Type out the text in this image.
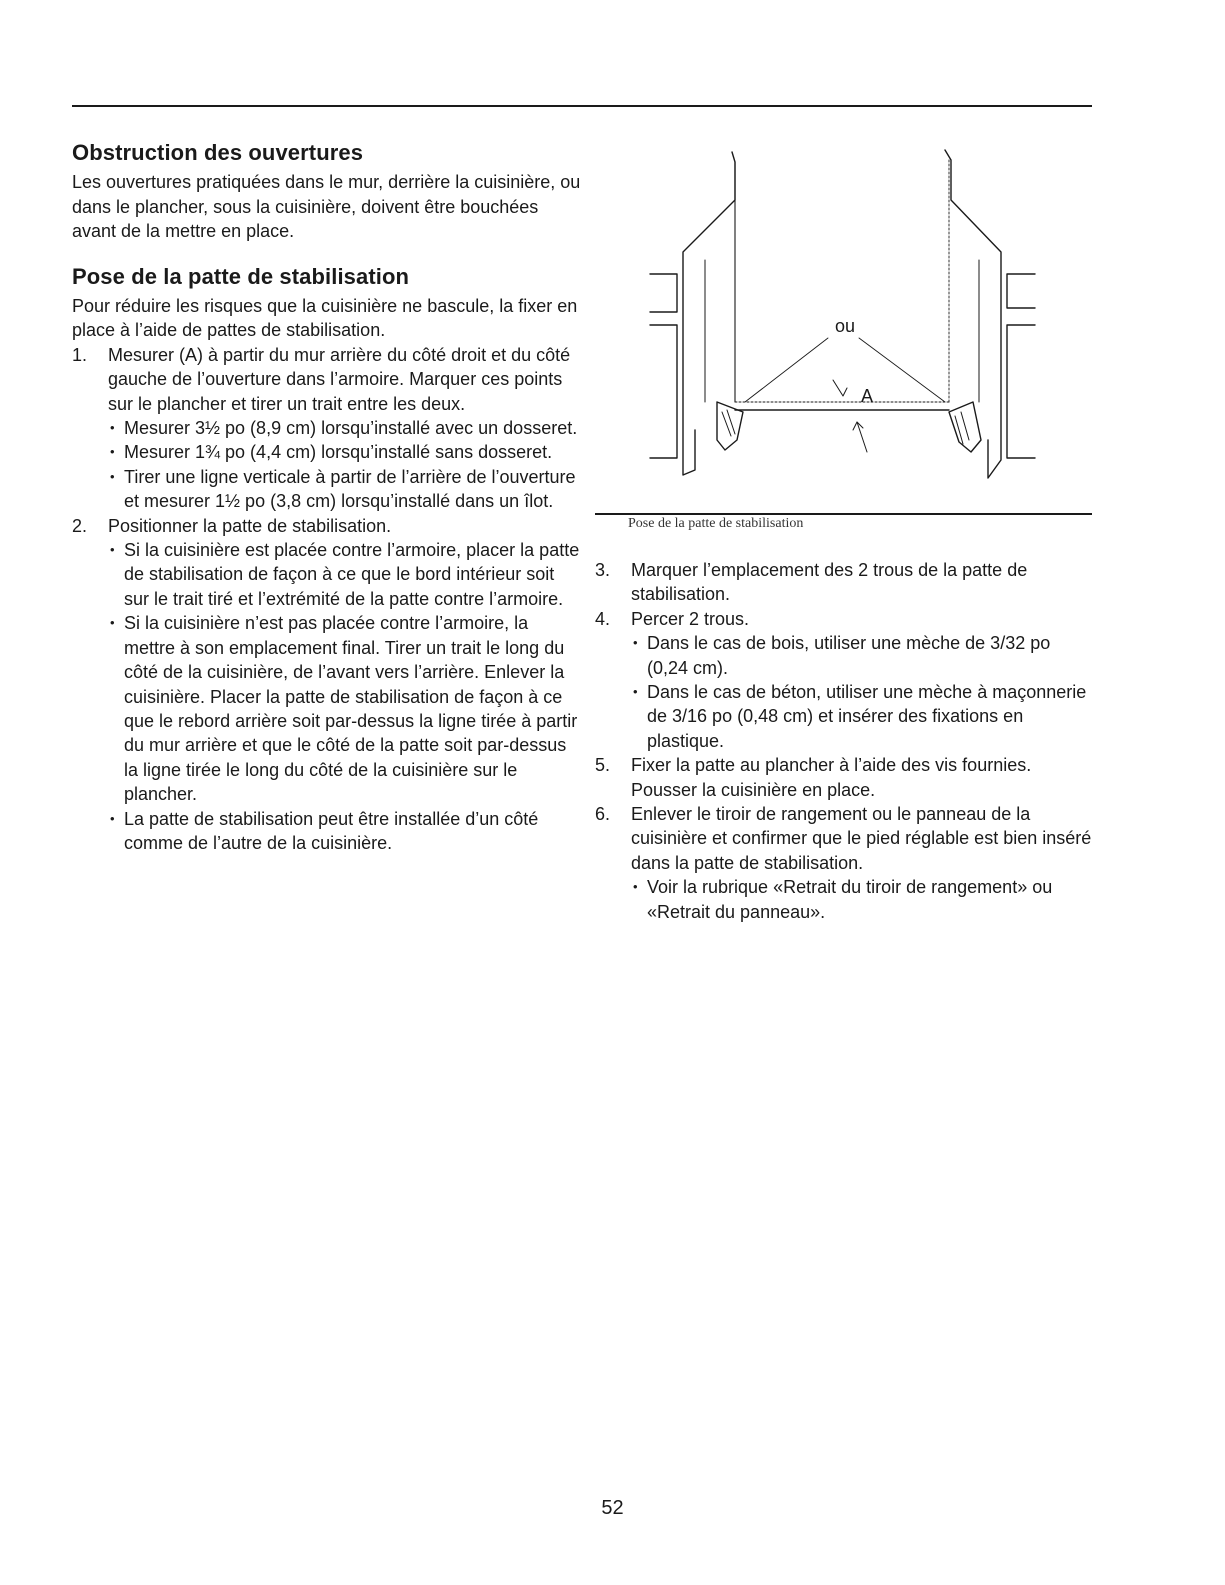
Obstruction des ouvertures

Les ouvertures pratiquées dans le mur, derrière la cuisinière, ou dans le plancher, sous la cuisinière, doivent être bouchées avant de la mettre en place.

Pose de la patte de stabilisation

Pour réduire les risques que la cuisinière ne bascule, la fixer en place à l’aide de pattes de stabilisation.

1. Mesurer (A) à partir du mur arrière du côté droit et du côté gauche de l’ouverture dans l’armoire. Marquer ces points sur le plancher et tirer un trait entre les deux.
• Mesurer 3½ po (8,9 cm) lorsqu’installé avec un dosseret.
• Mesurer 1¾ po (4,4 cm) lorsqu’installé sans dosseret.
• Tirer une ligne verticale à partir de l’arrière de l’ouverture et mesurer 1½ po (3,8 cm) lorsqu’installé dans un îlot.
2. Positionner la patte de stabilisation.
• Si la cuisinière est placée contre l’armoire, placer la patte de stabilisation de façon à ce que le bord intérieur soit sur le trait tiré et l’extrémité de la patte contre l’armoire.
• Si la cuisinière n’est pas placée contre l’armoire, la mettre à son emplacement final. Tirer un trait le long du côté de la cuisinière, de l’avant vers l’arrière. Enlever la cuisinière. Placer la patte de stabilisation de façon à ce que le rebord arrière soit par-dessus la ligne tirée à partir du mur arrière et que le côté de la patte soit par-dessus la ligne tirée le long du côté de la cuisinière sur le plancher.
• La patte de stabilisation peut être installée d’un côté comme de l’autre de la cuisinière.
ou
A
Pose de la patte de stabilisation
3. Marquer l’emplacement des 2 trous de la patte de stabilisation.
4. Percer 2 trous.
• Dans le cas de bois, utiliser une mèche de 3/32 po (0,24 cm).
• Dans le cas de béton, utiliser une mèche à maçonnerie de 3/16 po (0,48 cm) et insérer des fixations en plastique.
5. Fixer la patte au plancher à l’aide des vis fournies. Pousser la cuisinière en place.
6. Enlever le tiroir de rangement ou le panneau de la cuisinière et confirmer que le pied réglable est bien inséré dans la patte de stabilisation.
• Voir la rubrique «Retrait du tiroir de rangement» ou «Retrait du panneau».
52
